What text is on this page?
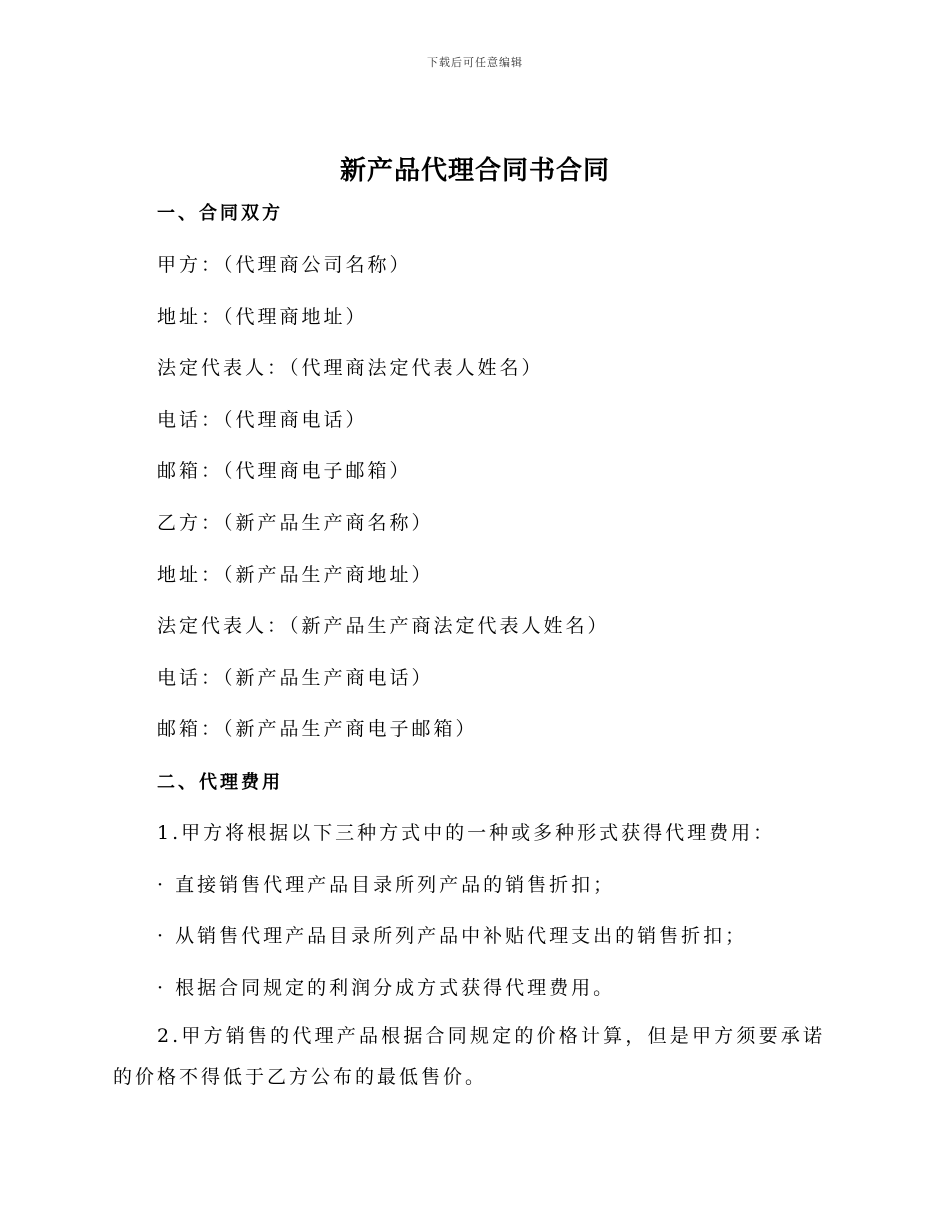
下载后可任意编辑
新产品代理合同书合同
一、合同双方
甲方：（代理商公司名称）
地址：（代理商地址）
法定代表人：（代理商法定代表人姓名）
电话：（代理商电话）
邮箱：（代理商电子邮箱）
乙方：（新产品生产商名称）
地址：（新产品生产商地址）
法定代表人：（新产品生产商法定代表人姓名）
电话：（新产品生产商电话）
邮箱：（新产品生产商电子邮箱）
二、代理费用
1.甲方将根据以下三种方式中的一种或多种形式获得代理费用：
· 直接销售代理产品目录所列产品的销售折扣；
· 从销售代理产品目录所列产品中补贴代理支出的销售折扣；
· 根据合同规定的利润分成方式获得代理费用。
2.甲方销售的代理产品根据合同规定的价格计算，但是甲方须要承诺的价格不得低于乙方公布的最低售价。
